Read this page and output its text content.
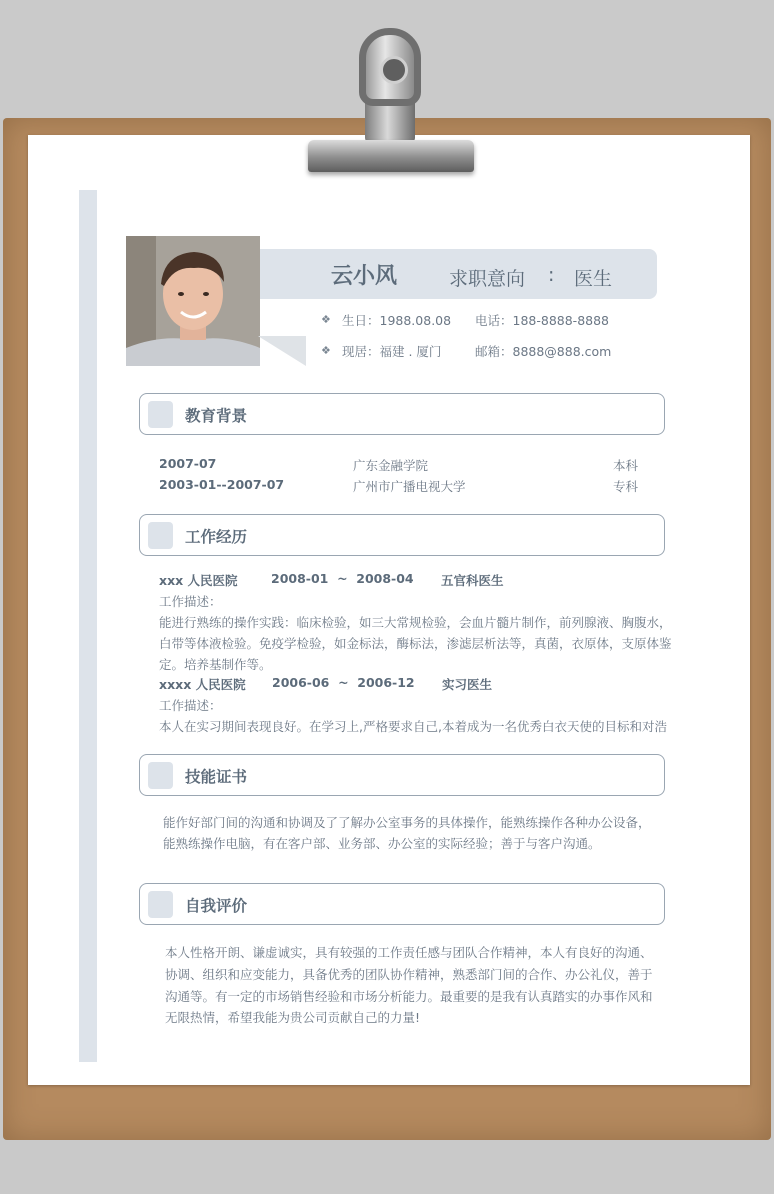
云小风	求职意向 : 医生
❖ 生日：1988.08.08 电话：188-8888-8888
❖ 现居：福建 . 厦门	邮箱：8888@888.com
教育背景
2007-07	广东金融学院	本科
2003-01--2007-07	广州市广播电视大学	专科
工作经历
xxx 人民医院	2008-01  ~  2008-04 五官科医生
工作描述：
能进行熟练的操作实践：临床检验，如三大常规检验，会血片髓片制作，前列腺液、胸腹水，
白带等体液检验。免疫学检验，如金标法，酶标法，渗滤层析法等，真菌，衣原体，支原体鉴
定。培养基制作等。
xxxx 人民医院 2006-06  ~  2006-12 实习医生
工作描述：
本人在实习期间表现良好。在学习上,严格要求自己,本着成为一名优秀白衣天使的目标和对浩
技能证书
能作好部门间的沟通和协调及了了解办公室事务的具体操作，能熟练操作各种办公设备，
能熟练操作电脑，有在客户部、业务部、办公室的实际经验；善于与客户沟通。
自我评价
本人性格开朗、谦虚诚实，具有较强的工作责任感与团队合作精神，本人有良好的沟通、
协调、组织和应变能力，具备优秀的团队协作精神，熟悉部门间的合作、办公礼仪，善于
沟通等。有一定的市场销售经验和市场分析能力。最重要的是我有认真踏实的办事作风和
无限热情，希望我能为贵公司贡献自己的力量!
